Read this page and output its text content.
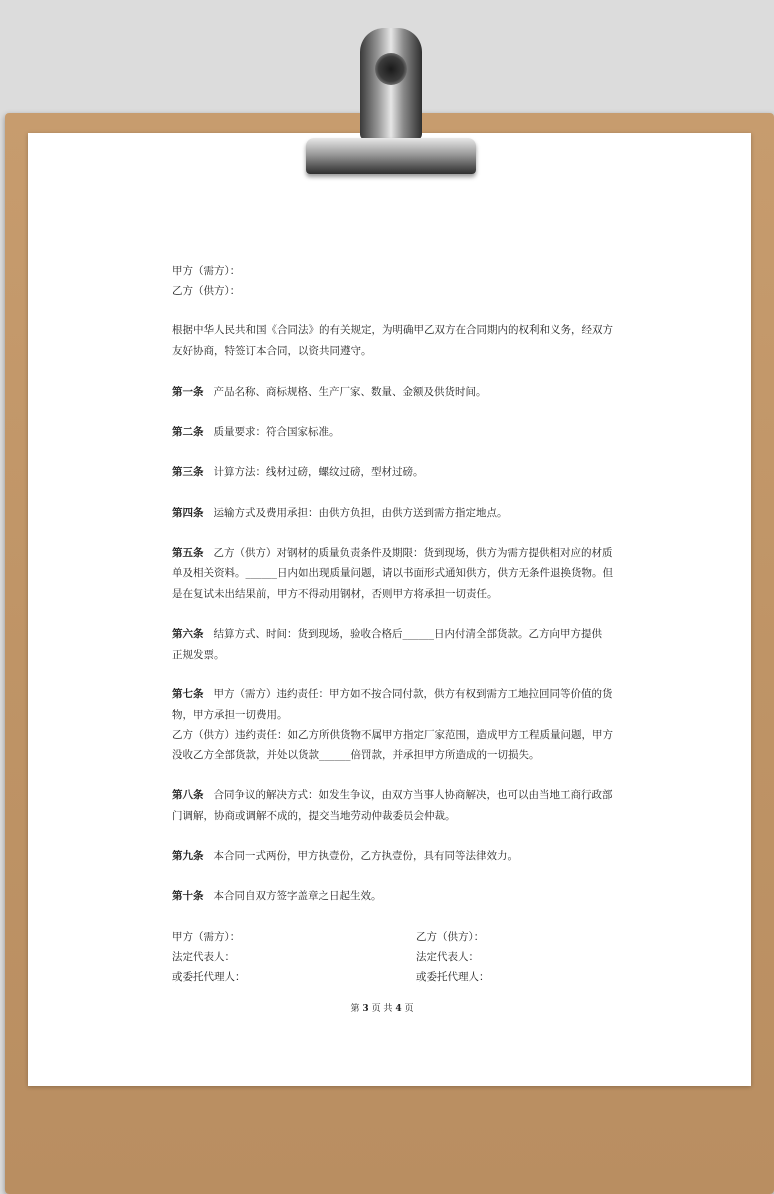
甲方（需方）：
乙方（供方）：
根据中华人民共和国《合同法》的有关规定，为明确甲乙双方在合同期内的权利和义务，经双方
友好协商，特签订本合同，以资共同遵守。
第一条 产品名称、商标规格、生产厂家、数量、金额及供货时间。
第二条 质量要求：符合国家标准。
第三条 计算方法：线材过磅，螺纹过磅，型材过磅。
第四条 运输方式及费用承担：由供方负担，由供方送到需方指定地点。
第五条 乙方（供方）对钢材的质量负责条件及期限：货到现场，供方为需方提供相对应的材质
单及相关资料。______日内如出现质量问题，请以书面形式通知供方，供方无条件退换货物。但
是在复试未出结果前，甲方不得动用钢材，否则甲方将承担一切责任。
第六条 结算方式、时间：货到现场，验收合格后______日内付清全部货款。乙方向甲方提供
正规发票。
第七条 甲方（需方）违约责任：甲方如不按合同付款，供方有权到需方工地拉回同等价值的货
物，甲方承担一切费用。
乙方（供方）违约责任：如乙方所供货物不属甲方指定厂家范围，造成甲方工程质量问题，甲方
没收乙方全部货款，并处以货款______倍罚款，并承担甲方所造成的一切损失。
第八条 合同争议的解决方式：如发生争议，由双方当事人协商解决，也可以由当地工商行政部
门调解，协商或调解不成的，提交当地劳动仲裁委员会仲裁。
第九条 本合同一式两份，甲方执壹份，乙方执壹份，具有同等法律效力。
第十条 本合同自双方签字盖章之日起生效。
甲方（需方）：	乙方（供方）：
法定代表人：	法定代表人：
或委托代理人：	或委托代理人：
第 3 页 共 4 页
